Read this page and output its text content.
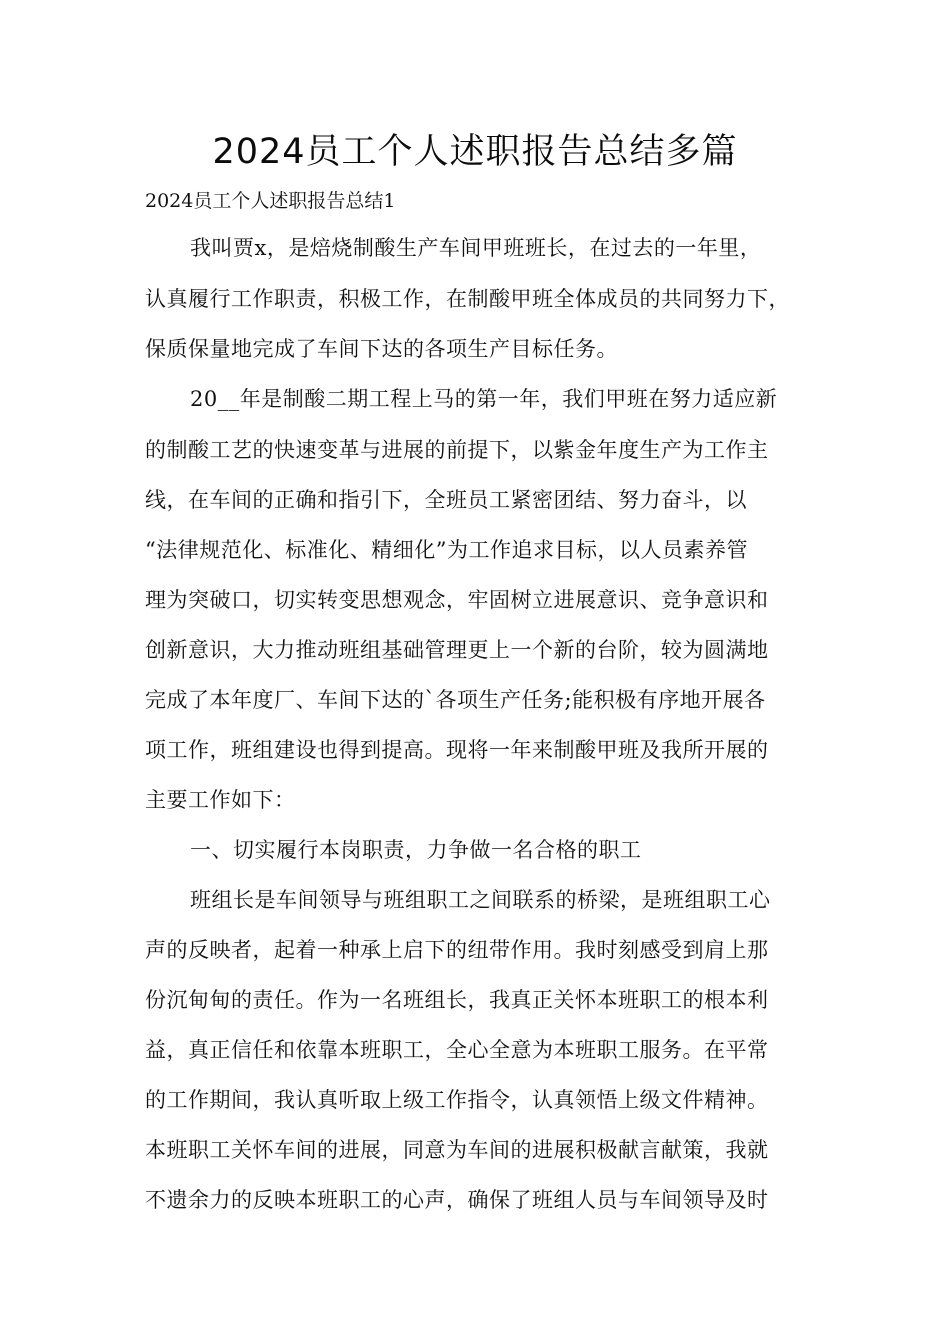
2024员工个人述职报告总结多篇

2024员工个人述职报告总结1

我叫贾x，是焙烧制酸生产车间甲班班长，在过去的一年里，

认真履行工作职责，积极工作，在制酸甲班全体成员的共同努力下，

保质保量地完成了车间下达的各项生产目标任务。

20__年是制酸二期工程上马的第一年，我们甲班在努力适应新

的制酸工艺的快速变革与进展的前提下，以紫金年度生产为工作主

线，在车间的正确和指引下，全班员工紧密团结、努力奋斗，以

“法律规范化、标准化、精细化”为工作追求目标，以人员素养管

理为突破口，切实转变思想观念，牢固树立进展意识、竞争意识和

创新意识，大力推动班组基础管理更上一个新的台阶，较为圆满地

完成了本年度厂、车间下达的`各项生产任务;能积极有序地开展各

项工作，班组建设也得到提高。现将一年来制酸甲班及我所开展的

主要工作如下：

一、切实履行本岗职责，力争做一名合格的职工

班组长是车间领导与班组职工之间联系的桥梁，是班组职工心

声的反映者，起着一种承上启下的纽带作用。我时刻感受到肩上那

份沉甸甸的责任。作为一名班组长，我真正关怀本班职工的根本利

益，真正信任和依靠本班职工，全心全意为本班职工服务。在平常

的工作期间，我认真听取上级工作指令，认真领悟上级文件精神。

本班职工关怀车间的进展，同意为车间的进展积极献言献策，我就

不遗余力的反映本班职工的心声，确保了班组人员与车间领导及时
